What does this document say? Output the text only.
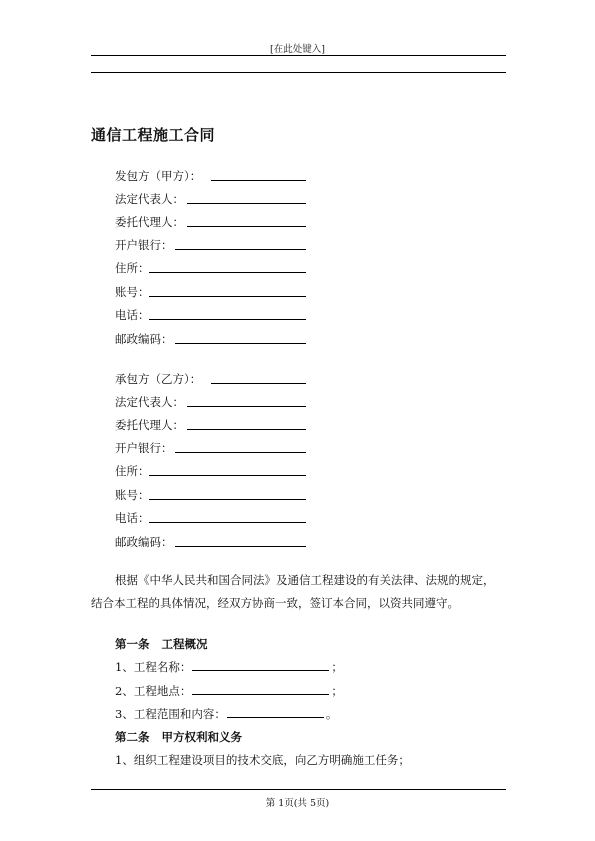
[在此处键入]
通信工程施工合同
发包方（甲方）：
法定代表人：
委托代理人：
开户银行：
住所：
账号：
电话：
邮政编码：
承包方（乙方）：
法定代表人：
委托代理人：
开户银行：
住所：
账号：
电话：
邮政编码：

根据《中华人民共和国合同法》及通信工程建设的有关法律、法规的规定，

结合本工程的具体情况，经双方协商一致，签订本合同，以资共同遵守。

第一条 工程概况
1、工程名称：	；
2、工程地点：	；
3、工程范围和内容：	。
第二条 甲方权利和义务
1、组织工程建设项目的技术交底，向乙方明确施工任务；
第 1页(共 5页)
